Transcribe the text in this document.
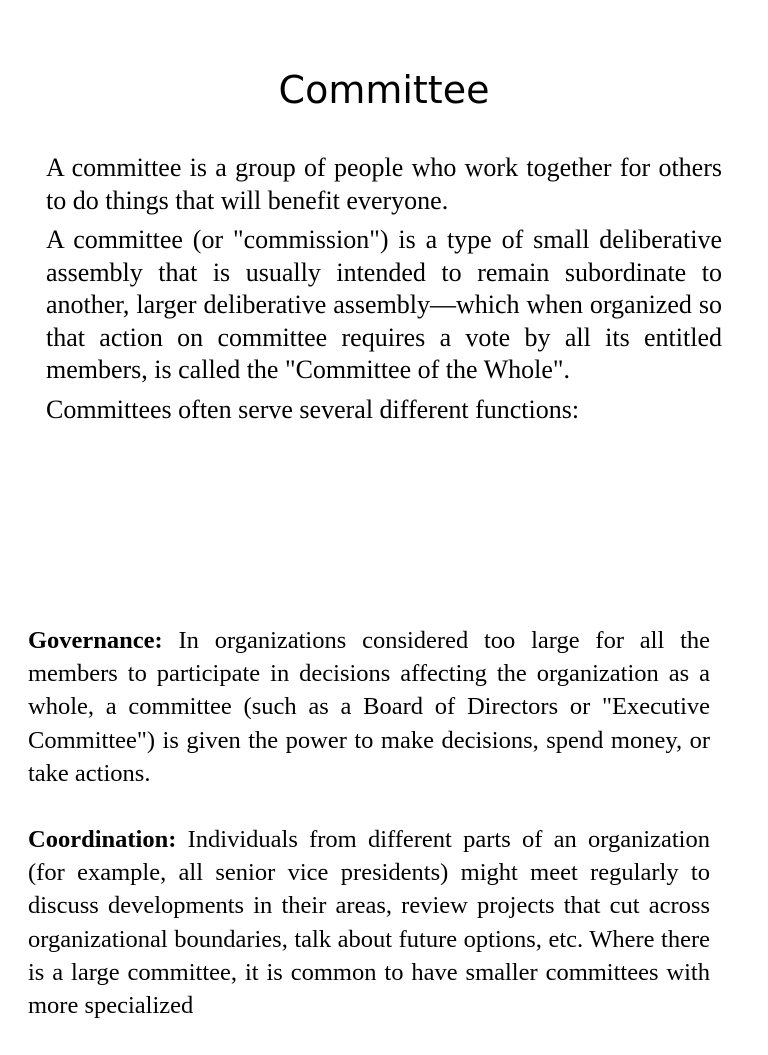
Committee

A committee is a group of people who work together for others to do things that will benefit everyone.

A committee (or "commission") is a type of small deliberative assembly that is usually intended to remain subordinate to another, larger deliberative assembly—which when organized so that action on committee requires a vote by all its entitled members, is called the "Committee of the Whole".

Committees often serve several different functions:

Governance: In organizations considered too large for all the members to participate in decisions affecting the organization as a whole, a committee (such as a Board of Directors or "Executive Committee") is given the power to make decisions, spend money, or take actions.

Coordination: Individuals from different parts of an organization (for example, all senior vice presidents) might meet regularly to discuss developments in their areas, review projects that cut across organizational boundaries, talk about future options, etc. Where there is a large committee, it is common to have smaller committees with more specialized
